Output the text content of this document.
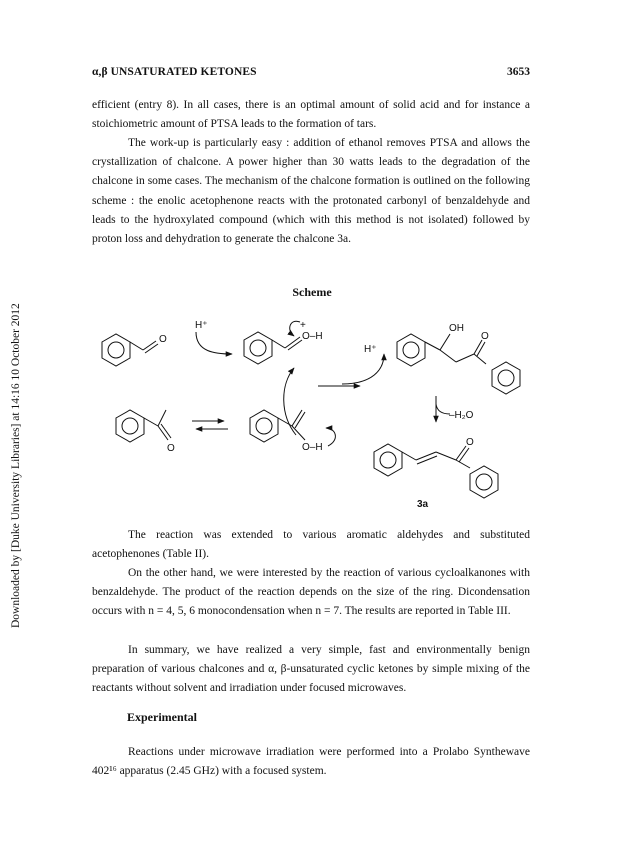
α,β UNSATURATED KETONES	3653
Downloaded by [Duke University Libraries] at 14:16 10 October 2012

efficient (entry 8). In all cases, there is an optimal amount of solid acid and for instance a stoichiometric amount of PTSA leads to the formation of tars.

The work-up is particularly easy : addition of ethanol removes PTSA and allows the crystallization of chalcone. A power higher than 30 watts leads to the degradation of the chalcone in some cases. The mechanism of the chalcone formation is outlined on the following scheme : the enolic acetophenone reacts with the protonated carbonyl of benzaldehyde and leads to the hydroxylated compound (which with this method is not isolated) followed by proton loss and dehydration to generate the chalcone 3a.

Scheme
O
H⁺	+
O–H
H⁺
OH
O
O	O–H
–H₂O
O
3a

The reaction was extended to various aromatic aldehydes and substituted acetophenones (Table II).

On the other hand, we were interested by the reaction of various cycloalkanones with benzaldehyde. The product of the reaction depends on the size of the ring. Dicondensation occurs with n = 4, 5, 6 monocondensation when n = 7. The results are reported in Table III.

In summary, we have realized a very simple, fast and environmentally benign preparation of various chalcones and α, β-unsaturated cyclic ketones by simple mixing of the reactants without solvent and irradiation under focused microwaves.

Experimental

Reactions under microwave irradiation were performed into a Prolabo Synthewave 402¹⁶ apparatus (2.45 GHz) with a focused system.
